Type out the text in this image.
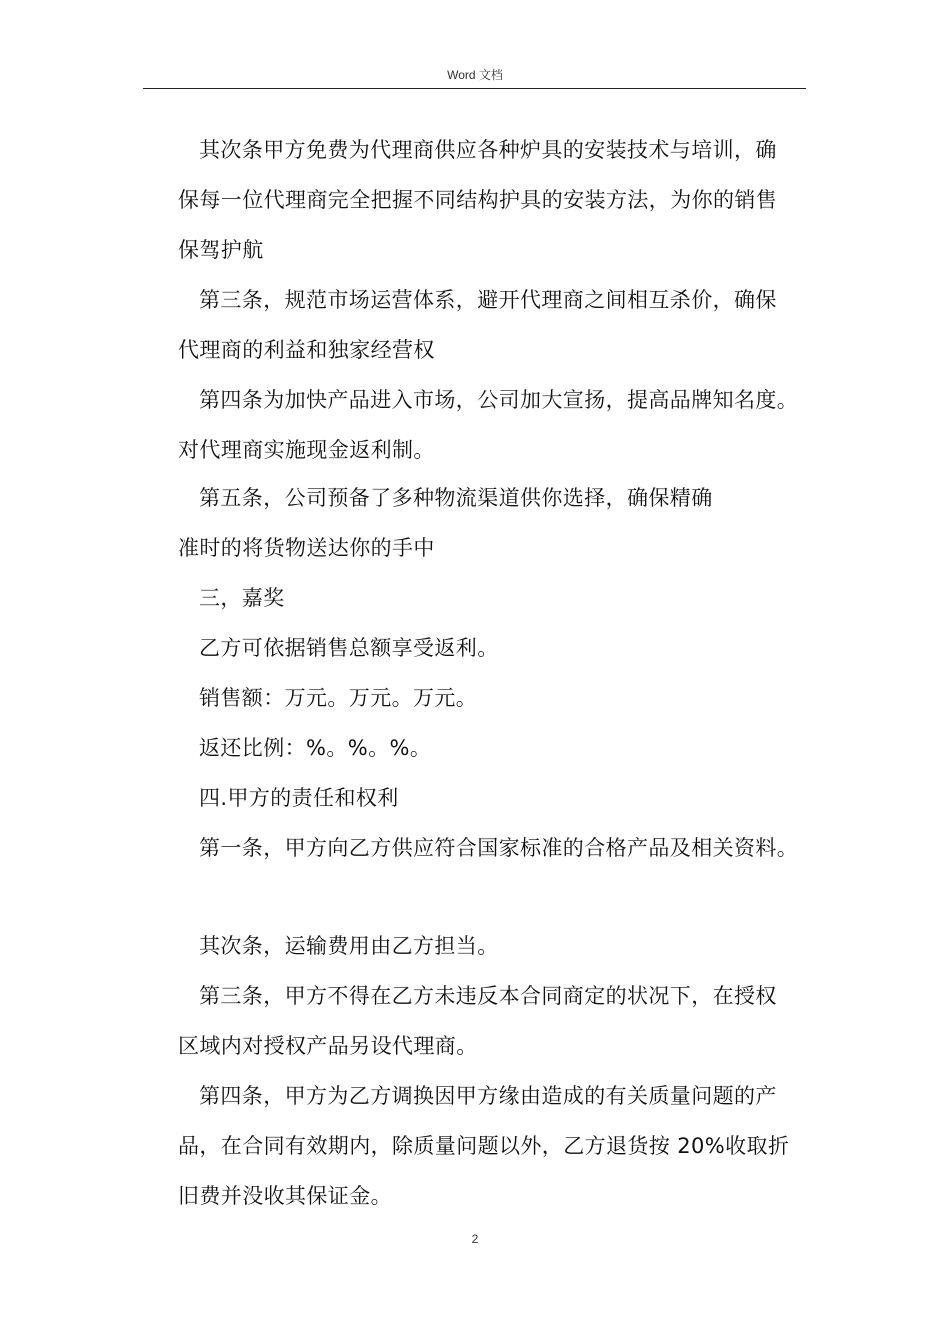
Word 文档
其次条甲方免费为代理商供应各种炉具的安装技术与培训，确
保每一位代理商完全把握不同结构护具的安装方法，为你的销售
保驾护航
第三条，规范市场运营体系，避开代理商之间相互杀价，确保
代理商的利益和独家经营权
第四条为加快产品进入市场，公司加大宣扬，提高品牌知名度。
对代理商实施现金返利制。
第五条，公司预备了多种物流渠道供你选择，确保精确
准时的将货物送达你的手中
三，嘉奖
乙方可依据销售总额享受返利。
销售额：万元。万元。万元。
返还比例：%。%。%。
四.甲方的责任和权利
第一条，甲方向乙方供应符合国家标准的合格产品及相关资料。
其次条，运输费用由乙方担当。
第三条，甲方不得在乙方未违反本合同商定的状况下，在授权
区域内对授权产品另设代理商。
第四条，甲方为乙方调换因甲方缘由造成的有关质量问题的产
品，在合同有效期内，除质量问题以外，乙方退货按 20%收取折
旧费并没收其保证金。
2
